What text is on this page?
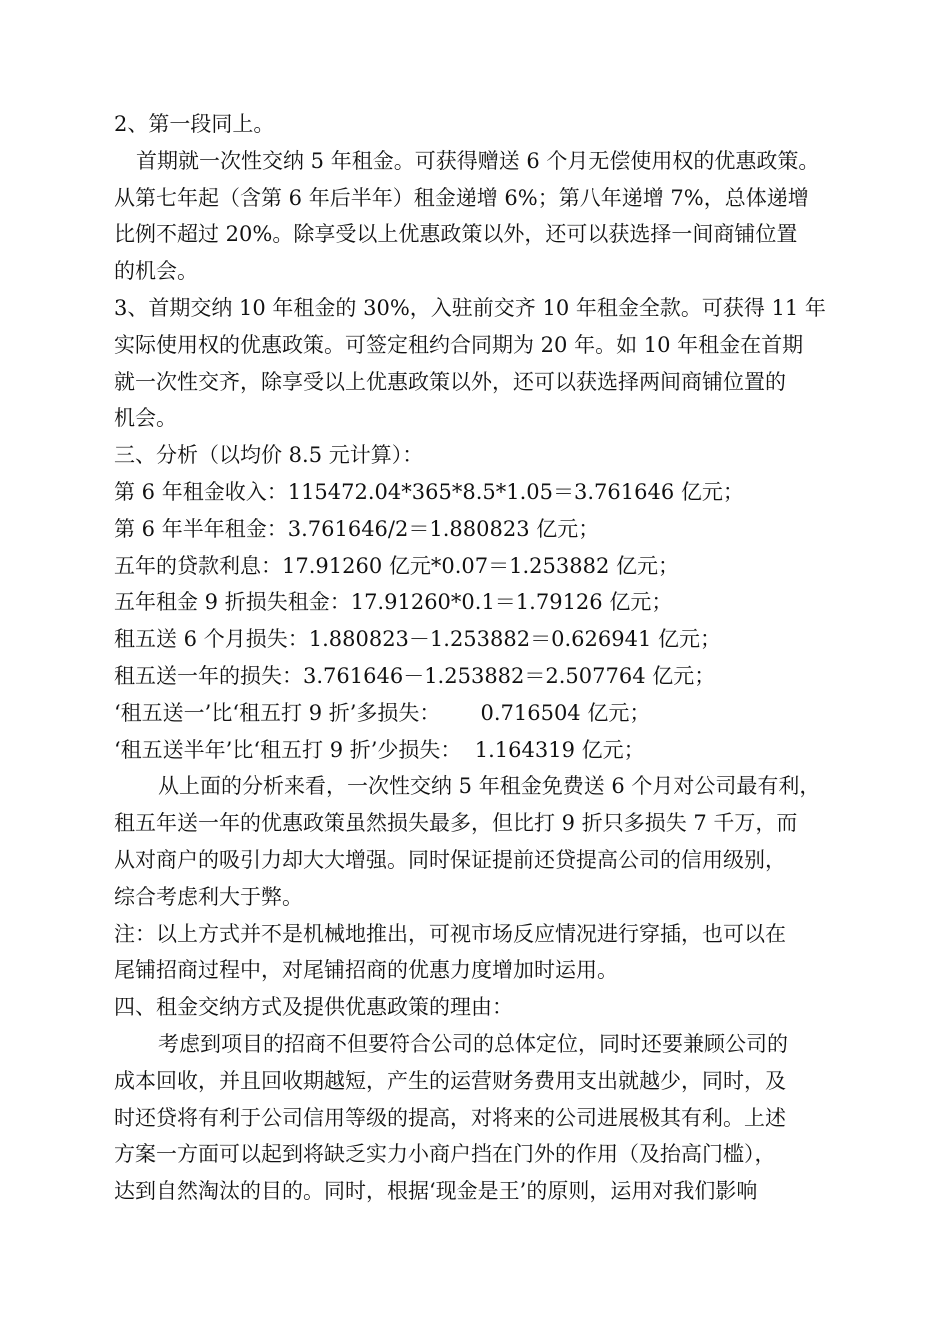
2、第一段同上。
首期就一次性交纳 5 年租金。可获得赠送 6 个月无偿使用权的优惠政策。
从第七年起（含第 6 年后半年）租金递增 6%；第八年递增 7%，总体递增
比例不超过 20%。除享受以上优惠政策以外，还可以获选择一间商铺位置
的机会。
3、首期交纳 10 年租金的 30%，入驻前交齐 10 年租金全款。可获得 11 年
实际使用权的优惠政策。可签定租约合同期为 20 年。如 10 年租金在首期
就一次性交齐，除享受以上优惠政策以外，还可以获选择两间商铺位置的
机会。
三、分析（以均价 8.5 元计算）：
第 6 年租金收入：115472.04*365*8.5*1.05＝3.761646 亿元；
第 6 年半年租金：3.761646/2＝1.880823 亿元；
五年的贷款利息：17.91260 亿元*0.07＝1.253882 亿元；
五年租金 9 折损失租金：17.91260*0.1＝1.79126 亿元；
租五送 6 个月损失：1.880823－1.253882＝0.626941 亿元；
租五送一年的损失：3.761646－1.253882＝2.507764 亿元；
‘租五送一’比‘租五打 9 折’多损失：      0.716504 亿元；
‘租五送半年’比‘租五打 9 折’少损失：  1.164319 亿元；
从上面的分析来看，一次性交纳 5 年租金免费送 6 个月对公司最有利，
租五年送一年的优惠政策虽然损失最多，但比打 9 折只多损失 7 千万，而
从对商户的吸引力却大大增强。同时保证提前还贷提高公司的信用级别，
综合考虑利大于弊。
注：以上方式并不是机械地推出，可视市场反应情况进行穿插，也可以在
尾铺招商过程中，对尾铺招商的优惠力度增加时运用。
四、租金交纳方式及提供优惠政策的理由：
考虑到项目的招商不但要符合公司的总体定位，同时还要兼顾公司的
成本回收，并且回收期越短，产生的运营财务费用支出就越少，同时，及
时还贷将有利于公司信用等级的提高，对将来的公司进展极其有利。上述
方案一方面可以起到将缺乏实力小商户挡在门外的作用（及抬高门槛），
达到自然淘汰的目的。同时，根据‘现金是王’的原则，运用对我们影响
